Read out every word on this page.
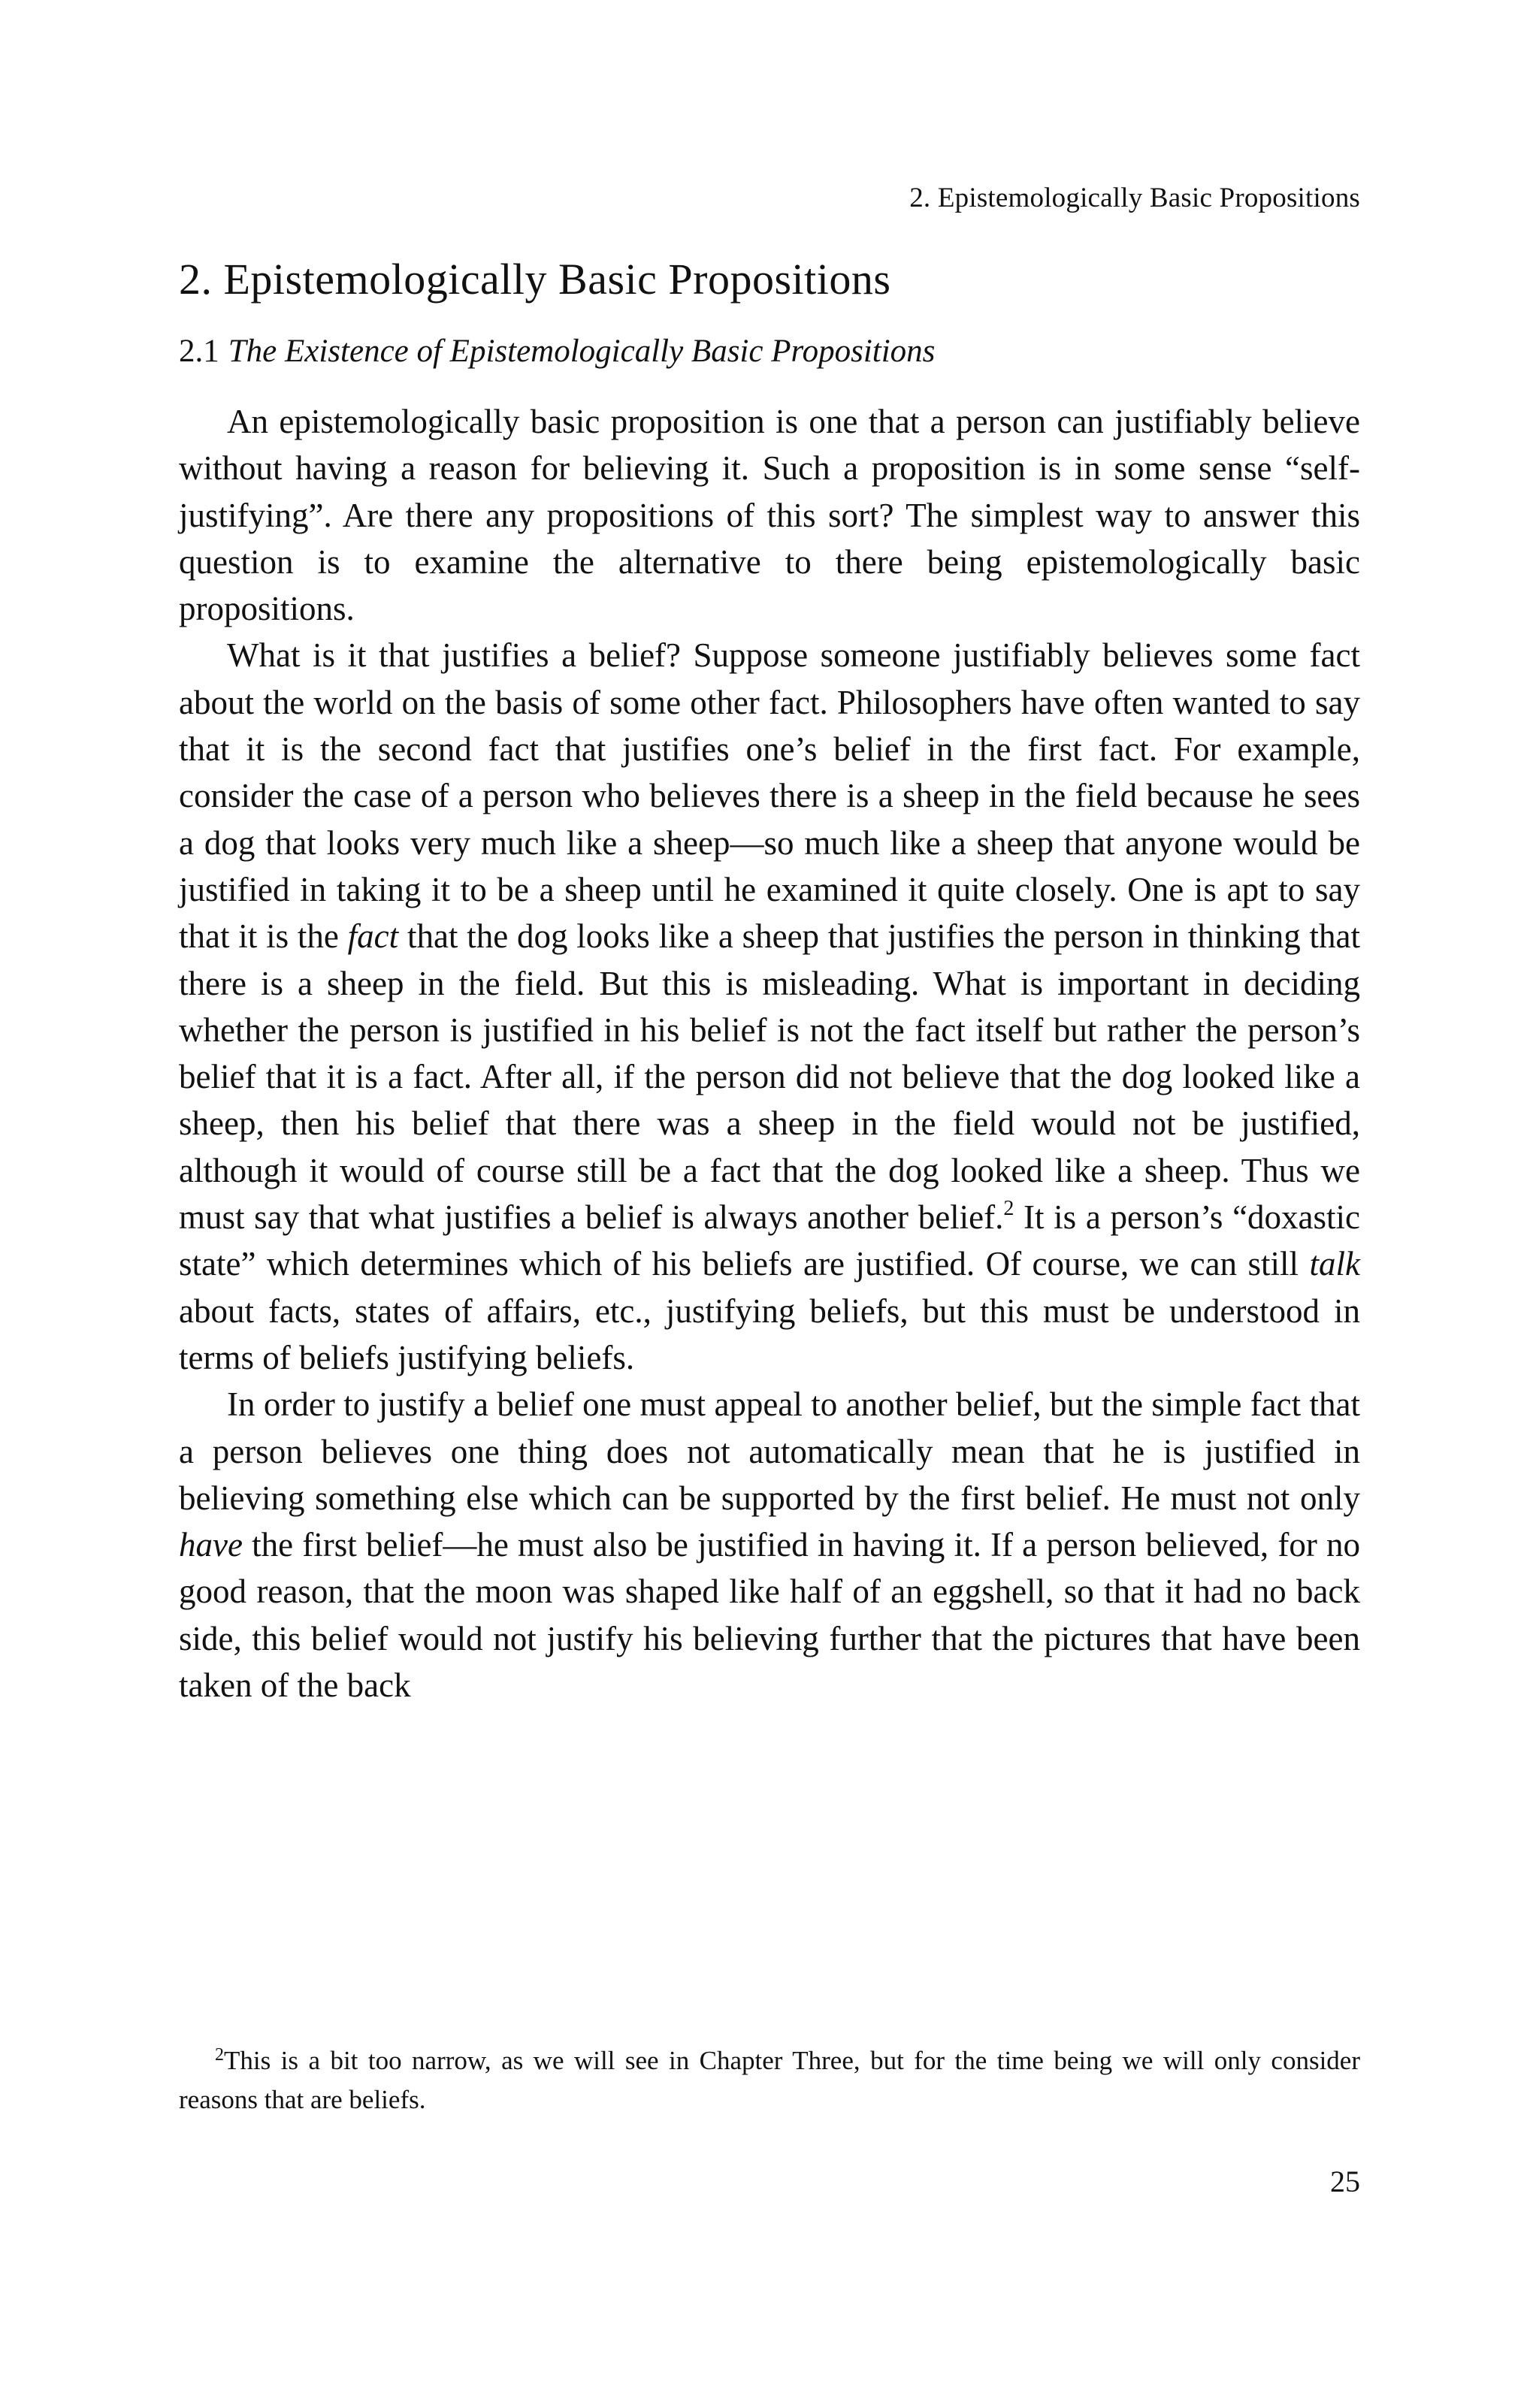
2. Epistemologically Basic Propositions
2. Epistemologically Basic Propositions
2.1 The Existence of Epistemologically Basic Propositions

An epistemologically basic proposition is one that a person can justifiably believe without having a reason for believing it. Such a proposition is in some sense “self-justifying”. Are there any propositions of this sort? The simplest way to answer this question is to examine the alternative to there being epistemologically basic propositions.

What is it that justifies a belief? Suppose someone justifiably believes some fact about the world on the basis of some other fact. Philosophers have often wanted to say that it is the second fact that justifies one’s belief in the first fact. For example, consider the case of a person who believes there is a sheep in the field because he sees a dog that looks very much like a sheep—so much like a sheep that anyone would be justified in taking it to be a sheep until he examined it quite closely. One is apt to say that it is the fact that the dog looks like a sheep that justifies the person in thinking that there is a sheep in the field. But this is misleading. What is important in deciding whether the person is justified in his belief is not the fact itself but rather the person’s belief that it is a fact. After all, if the person did not believe that the dog looked like a sheep, then his belief that there was a sheep in the field would not be justified, although it would of course still be a fact that the dog looked like a sheep. Thus we must say that what justifies a belief is always another belief.$^2$ It is a person’s “doxastic state” which determines which of his beliefs are justified. Of course, we can still talk about facts, states of affairs, etc., justifying beliefs, but this must be understood in terms of beliefs justifying beliefs.

In order to justify a belief one must appeal to another belief, but the simple fact that a person believes one thing does not automatically mean that he is justified in believing something else which can be supported by the first belief. He must not only have the first belief—he must also be justified in having it. If a person believed, for no good reason, that the moon was shaped like half of an eggshell, so that it had no back side, this belief would not justify his believing further that the pictures that have been taken of the back

$^2$This is a bit too narrow, as we will see in Chapter Three, but for the time being we will only consider reasons that are beliefs.

25
